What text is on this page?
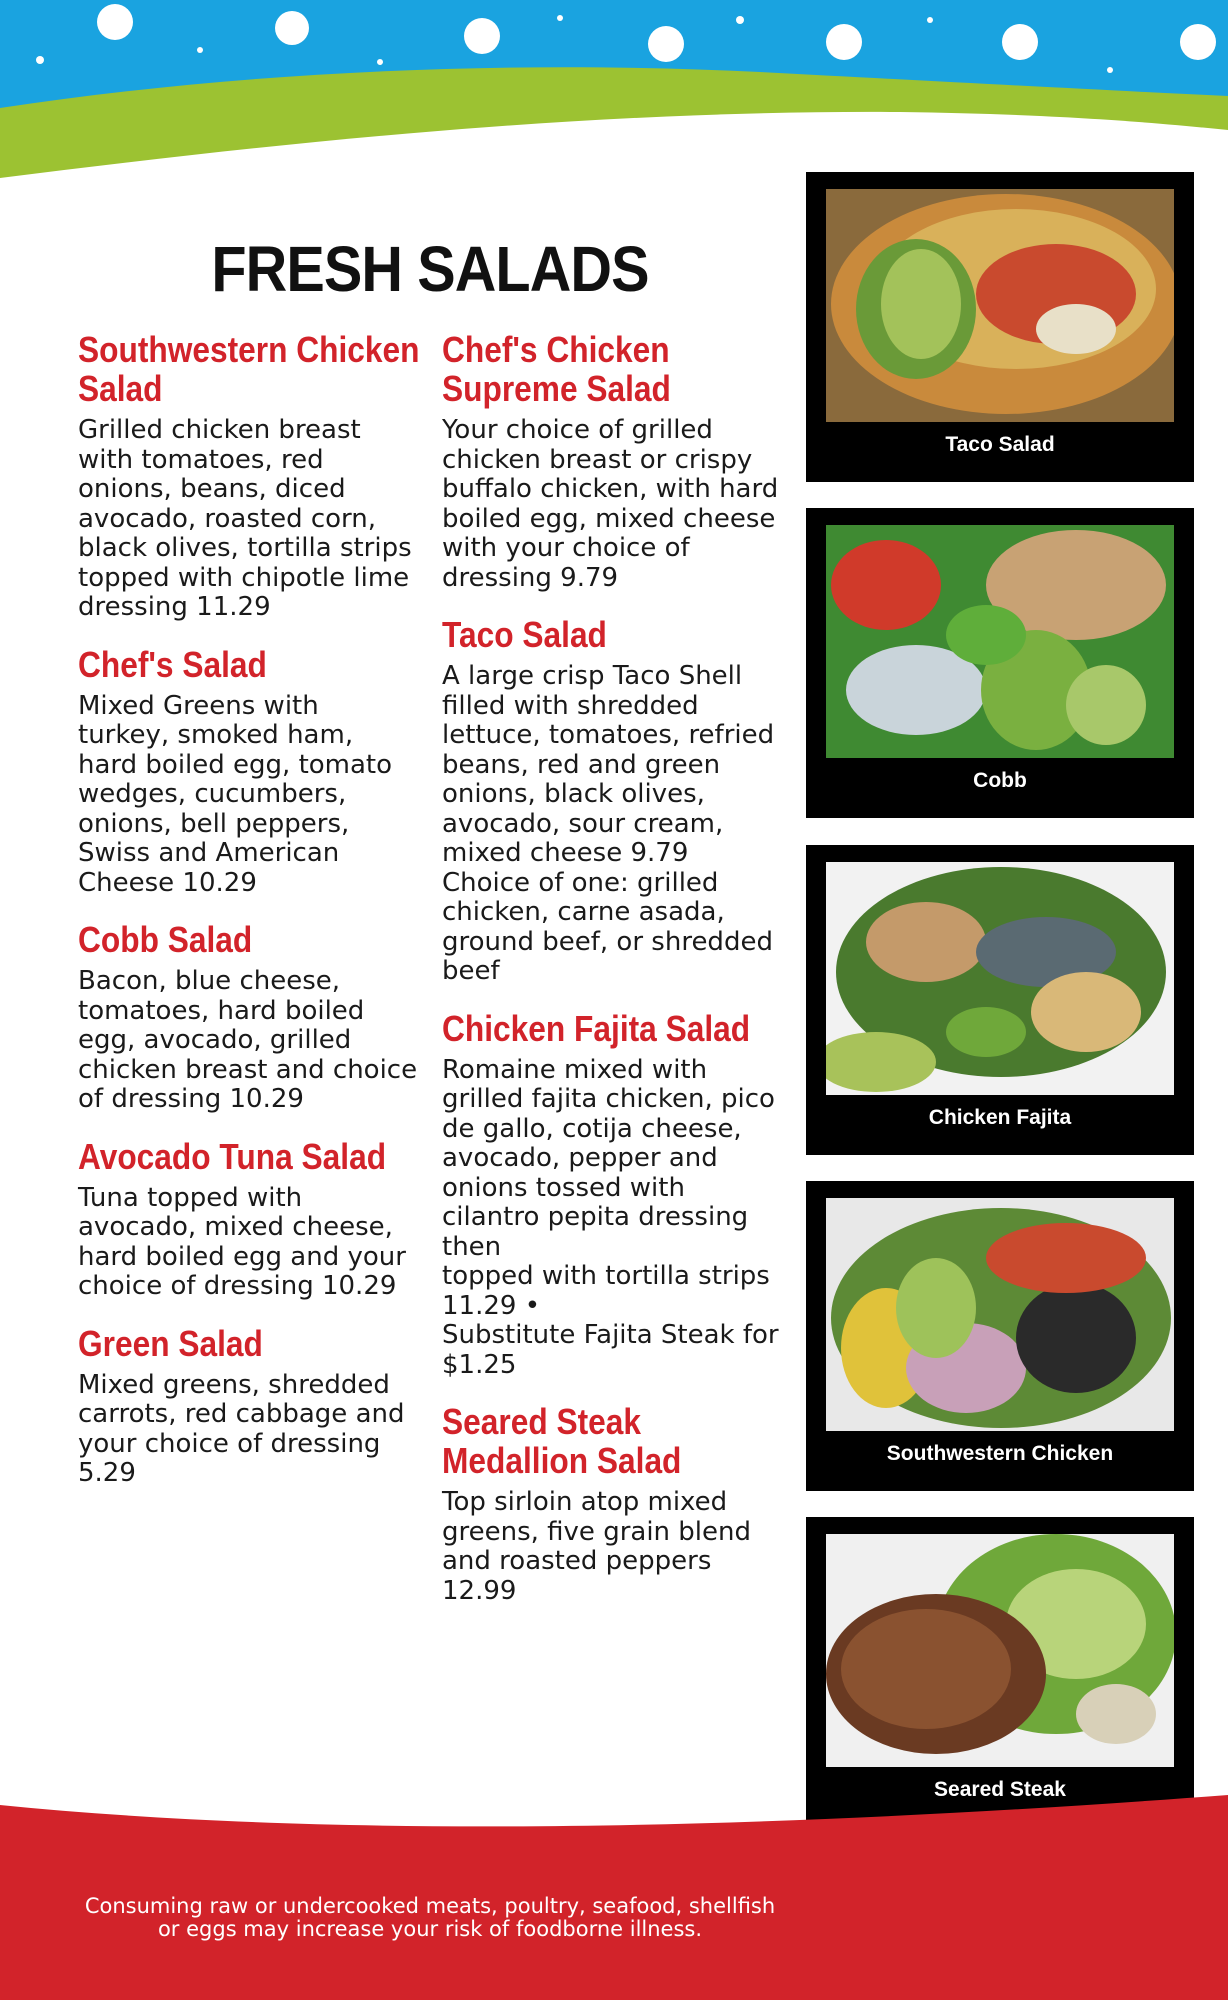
FRESH SALADS
Southwestern Chicken Salad

Grilled chicken breast with tomatoes, red onions, beans, diced avocado, roasted corn, black olives, tortilla strips topped with chipotle lime dressing 11.29

Chef's Salad

Mixed Greens with turkey, smoked ham, hard boiled egg, tomato wedges, cucumbers, onions, bell peppers, Swiss and American Cheese 10.29

Cobb Salad

Bacon, blue cheese, tomatoes, hard boiled egg, avocado, grilled chicken breast and choice of dressing 10.29

Avocado Tuna Salad

Tuna topped with avocado, mixed cheese, hard boiled egg and your choice of dressing 10.29

Green Salad

Mixed greens, shredded carrots, red cabbage and your choice of dressing 5.29

Chef's Chicken Supreme Salad

Your choice of grilled chicken breast or crispy buffalo chicken, with hard boiled egg, mixed cheese with your choice of dressing 9.79

Taco Salad

A large crisp Taco Shell filled with shredded lettuce, tomatoes, refried beans, red and green onions, black olives, avocado, sour cream, mixed cheese 9.79
Choice of one: grilled chicken, carne asada, ground beef, or shredded beef

Chicken Fajita Salad

Romaine mixed with grilled fajita chicken, pico de gallo, cotija cheese,
avocado, pepper and onions tossed with cilantro pepita dressing then
topped with tortilla strips 11.29 •
Substitute Fajita Steak for $1.25

Seared Steak Medallion Salad

Top sirloin atop mixed greens, five grain blend and roasted peppers 12.99

Taco Salad
Cobb
Chicken Fajita
Southwestern Chicken
Seared Steak

Consuming raw or undercooked meats, poultry, seafood, shellfish or eggs may increase your risk of foodborne illness.
